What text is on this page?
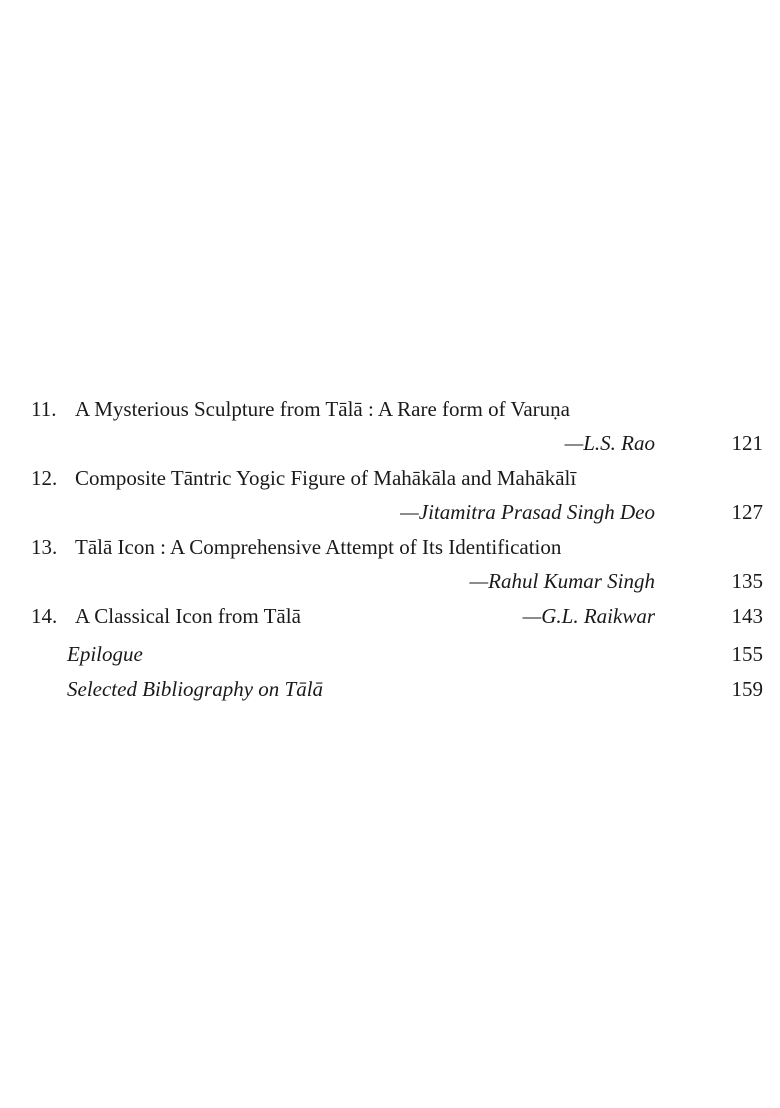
11. A Mysterious Sculpture from Tālā : A Rare form of Varuṇa
—L.S. Rao	121
12. Composite Tāntric Yogic Figure of Mahākāla and Mahākālī
—Jitamitra Prasad Singh Deo	127
13. Tālā Icon : A Comprehensive Attempt of Its Identification
—Rahul Kumar Singh	135
14. A Classical Icon from Tālā	—G.L. Raikwar	143
Epilogue	155
Selected Bibliography on Tālā	159
